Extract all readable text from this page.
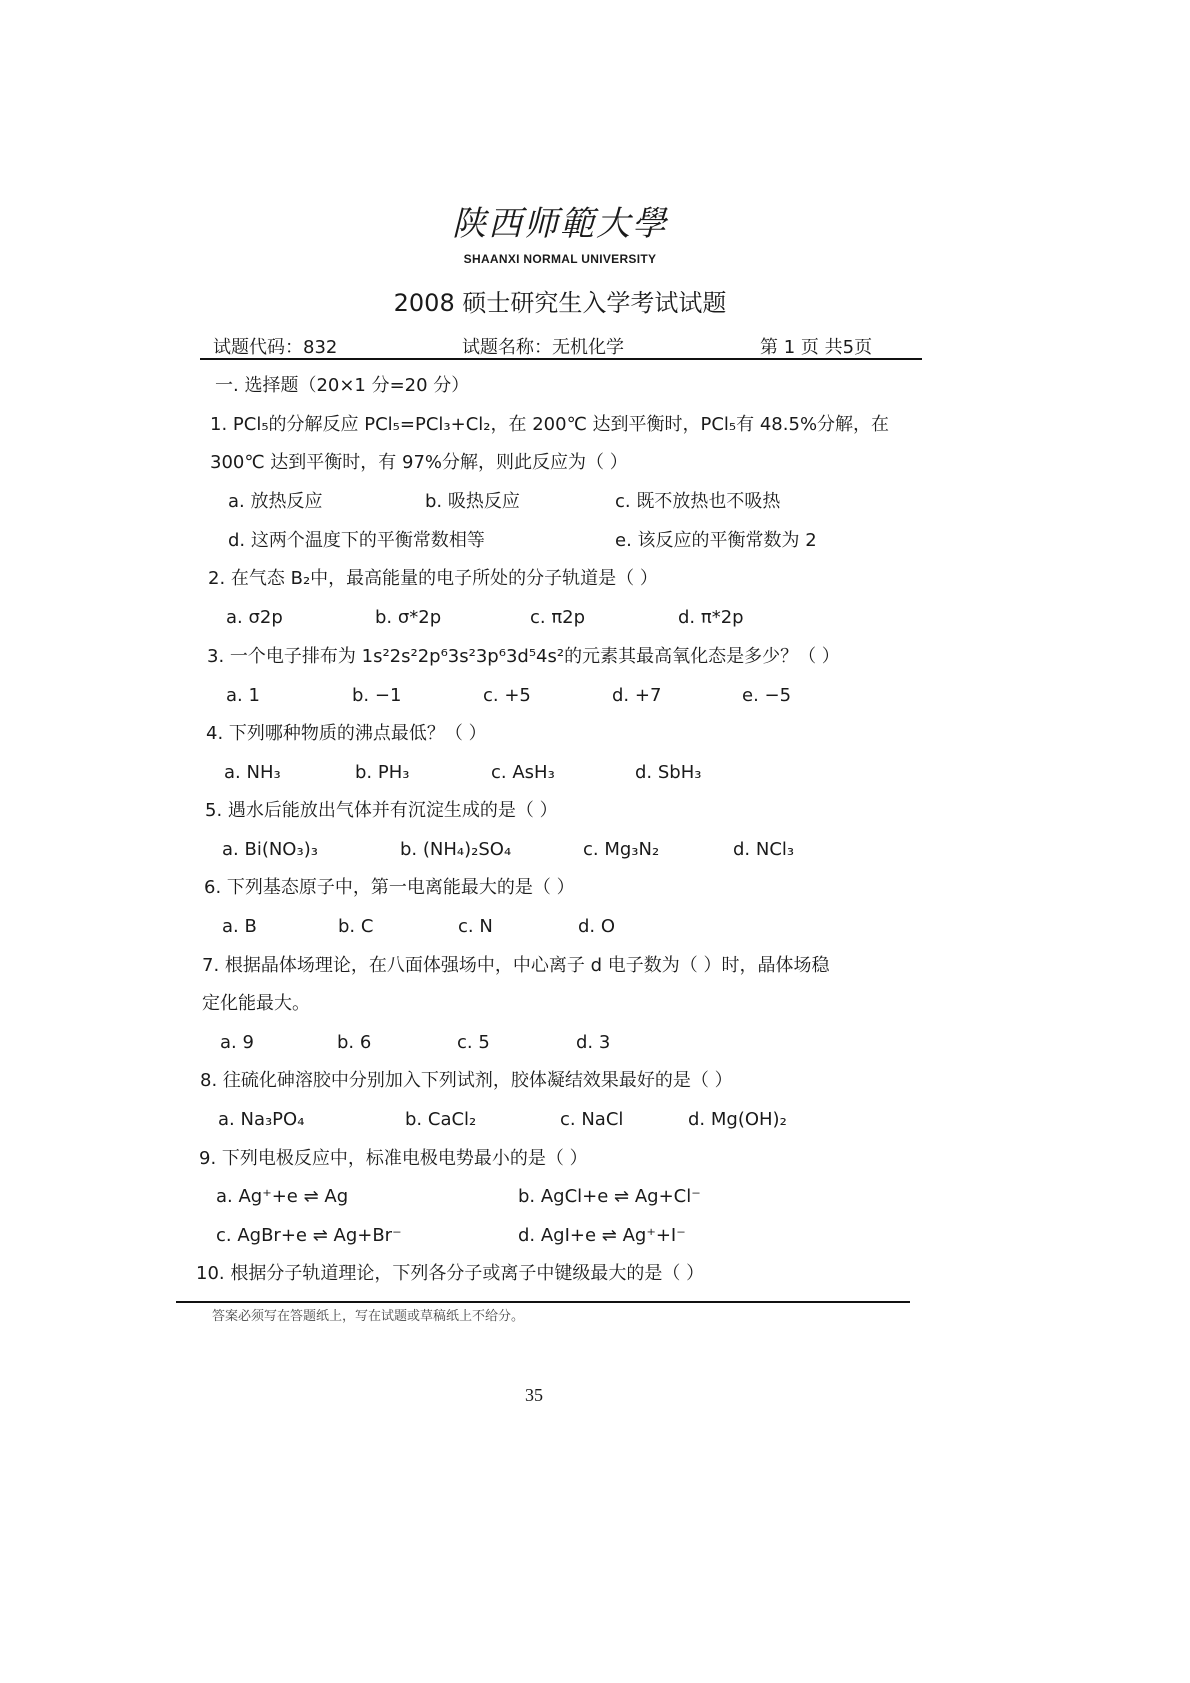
陕西师範大學
SHAANXI NORMAL UNIVERSITY
2008 硕士研究生入学考试试题
试题代码：832	试题名称：无机化学	第 1 页 共5页
一. 选择题（20×1 分=20 分）
1. PCl₅的分解反应 PCl₅=PCl₃+Cl₂，在 200℃ 达到平衡时，PCl₅有 48.5%分解，在
300℃ 达到平衡时，有 97%分解，则此反应为（ ）
a. 放热反应	b. 吸热反应	c. 既不放热也不吸热
d. 这两个温度下的平衡常数相等	e. 该反应的平衡常数为 2
2. 在气态 B₂中，最高能量的电子所处的分子轨道是（ ）
a. σ2p	b. σ*2p	c. π2p	d. π*2p
3. 一个电子排布为 1s²2s²2p⁶3s²3p⁶3d⁵4s²的元素其最高氧化态是多少？（ ）
a. 1	b. −1	c. +5	d. +7	e. −5
4. 下列哪种物质的沸点最低？（ ）
a. NH₃	b. PH₃	c. AsH₃	d. SbH₃
5. 遇水后能放出气体并有沉淀生成的是（ ）
a. Bi(NO₃)₃	b. (NH₄)₂SO₄	c. Mg₃N₂	d. NCl₃
6. 下列基态原子中，第一电离能最大的是（ ）
a. B	b. C	c. N	d. O
7. 根据晶体场理论，在八面体强场中，中心离子 d 电子数为（ ）时，晶体场稳
定化能最大。
a. 9	b. 6	c. 5	d. 3
8. 往硫化砷溶胶中分别加入下列试剂，胶体凝结效果最好的是（ ）
a. Na₃PO₄	b. CaCl₂	c. NaCl	d. Mg(OH)₂
9. 下列电极反应中，标准电极电势最小的是（ ）
a. Ag⁺+e ⇌ Ag	b. AgCl+e ⇌ Ag+Cl⁻
c. AgBr+e ⇌ Ag+Br⁻	d. AgI+e ⇌ Ag⁺+I⁻
10. 根据分子轨道理论，下列各分子或离子中键级最大的是（ ）
答案必须写在答题纸上，写在试题或草稿纸上不给分。
35
